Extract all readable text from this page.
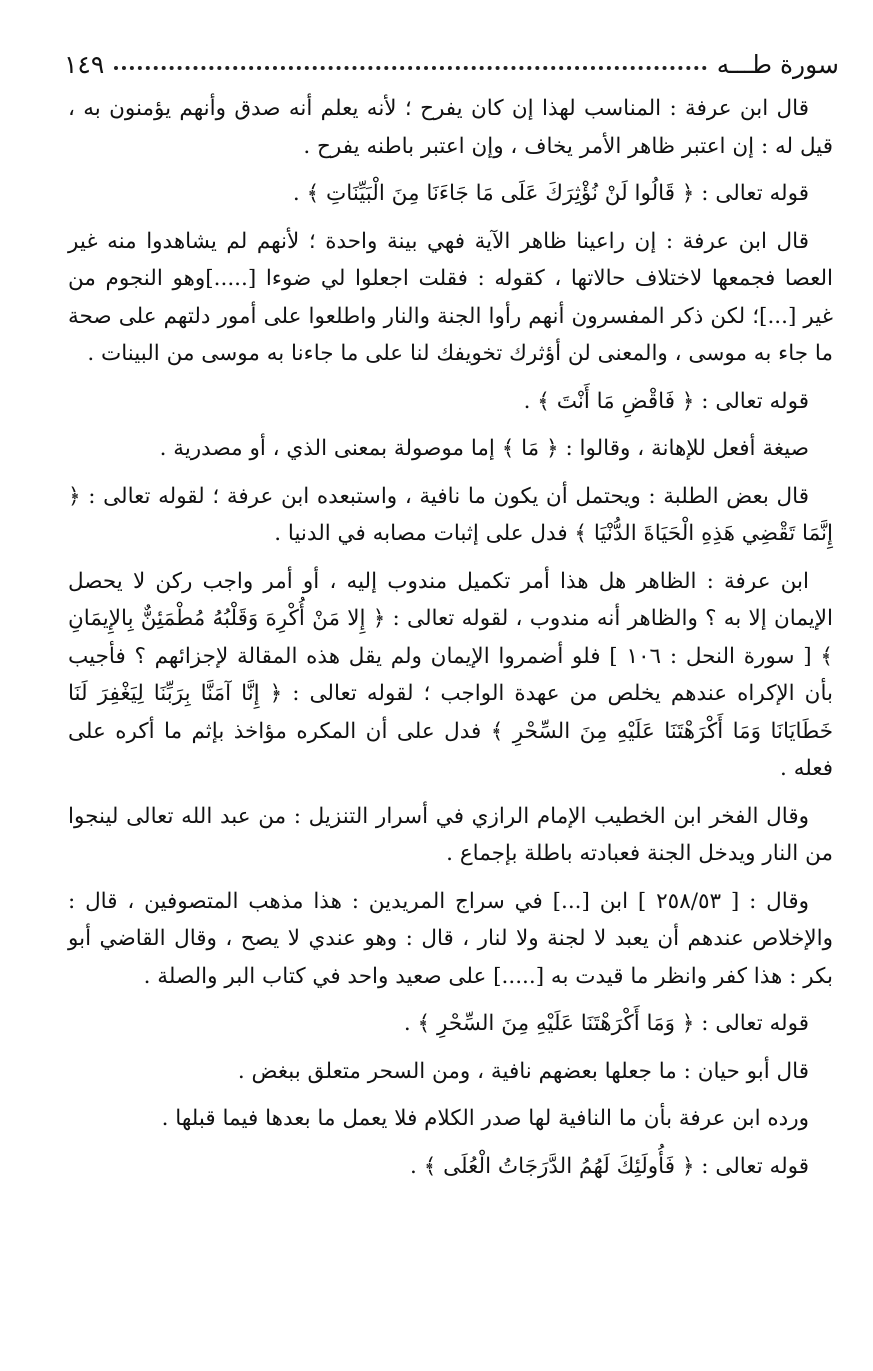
سورة طـــه
١٤٩

قال ابن عرفة : المناسب لهذا إن كان يفرح ؛ لأنه يعلم أنه صدق وأنهم يؤمنون به ، قيل له : إن اعتبر ظاهر الأمر يخاف ، وإن اعتبر باطنه يفرح .

قوله تعالى : ﴿ قَالُوا لَنْ نُؤْثِرَكَ عَلَى مَا جَاءَنَا مِنَ الْبَيِّنَاتِ ﴾ .

قال ابن عرفة : إن راعينا ظاهر الآية فهي بينة واحدة ؛ لأنهم لم يشاهدوا منه غير العصا فجمعها لاختلاف حالاتها ، كقوله : فقلت اجعلوا لي ضوءا [.....]وهو النجوم من غير [...]؛ لكن ذكر المفسرون أنهم رأوا الجنة والنار واطلعوا على أمور دلتهم على صحة ما جاء به موسى ، والمعنى لن أؤثرك تخويفك لنا على ما جاءنا به موسى من البينات .

قوله تعالى : ﴿ فَاقْضِ مَا أَنْتَ ﴾ .

صيغة أفعل للإهانة ، وقالوا : ﴿ مَا ﴾ إما موصولة بمعنى الذي ، أو مصدرية .

قال بعض الطلبة : ويحتمل أن يكون ما نافية ، واستبعده ابن عرفة ؛ لقوله تعالى : ﴿ إِنَّمَا تَقْضِي هَذِهِ الْحَيَاةَ الدُّنْيَا ﴾ فدل على إثبات مصابه في الدنيا .

ابن عرفة : الظاهر هل هذا أمر تكميل مندوب إليه ، أو أمر واجب ركن لا يحصل الإيمان إلا به ؟ والظاهر أنه مندوب ، لقوله تعالى : ﴿ إِلا مَنْ أُكْرِهَ وَقَلْبُهُ مُطْمَئِنٌّ بِالإِيمَانِ ﴾ [ سورة النحل : ١٠٦ ] فلو أضمروا الإيمان ولم يقل هذه المقالة لإجزائهم ؟ فأجيب بأن الإكراه عندهم يخلص من عهدة الواجب ؛ لقوله تعالى : ﴿ إِنَّا آمَنَّا بِرَبِّنَا لِيَغْفِرَ لَنَا خَطَايَانَا وَمَا أَكْرَهْتَنَا عَلَيْهِ مِنَ السِّحْرِ ﴾ فدل على أن المكره مؤاخذ بإثم ما أكره على فعله .

وقال الفخر ابن الخطيب الإمام الرازي في أسرار التنزيل : من عبد الله تعالى لينجوا من النار ويدخل الجنة فعبادته باطلة بإجماع .

وقال : [ ٢٥٨/٥٣ ] ابن [...] في سراج المريدين : هذا مذهب المتصوفين ، قال : والإخلاص عندهم أن يعبد لا لجنة ولا لنار ، قال : وهو عندي لا يصح ، وقال القاضي أبو بكر : هذا كفر وانظر ما قيدت به [.....] على صعيد واحد في كتاب البر والصلة .

قوله تعالى : ﴿ وَمَا أَكْرَهْتَنَا عَلَيْهِ مِنَ السِّحْرِ ﴾ .

قال أبو حيان : ما جعلها بعضهم نافية ، ومن السحر متعلق ببغض .

ورده ابن عرفة بأن ما النافية لها صدر الكلام فلا يعمل ما بعدها فيما قبلها .

قوله تعالى : ﴿ فَأُولَئِكَ لَهُمُ الدَّرَجَاتُ الْعُلَى ﴾ .
